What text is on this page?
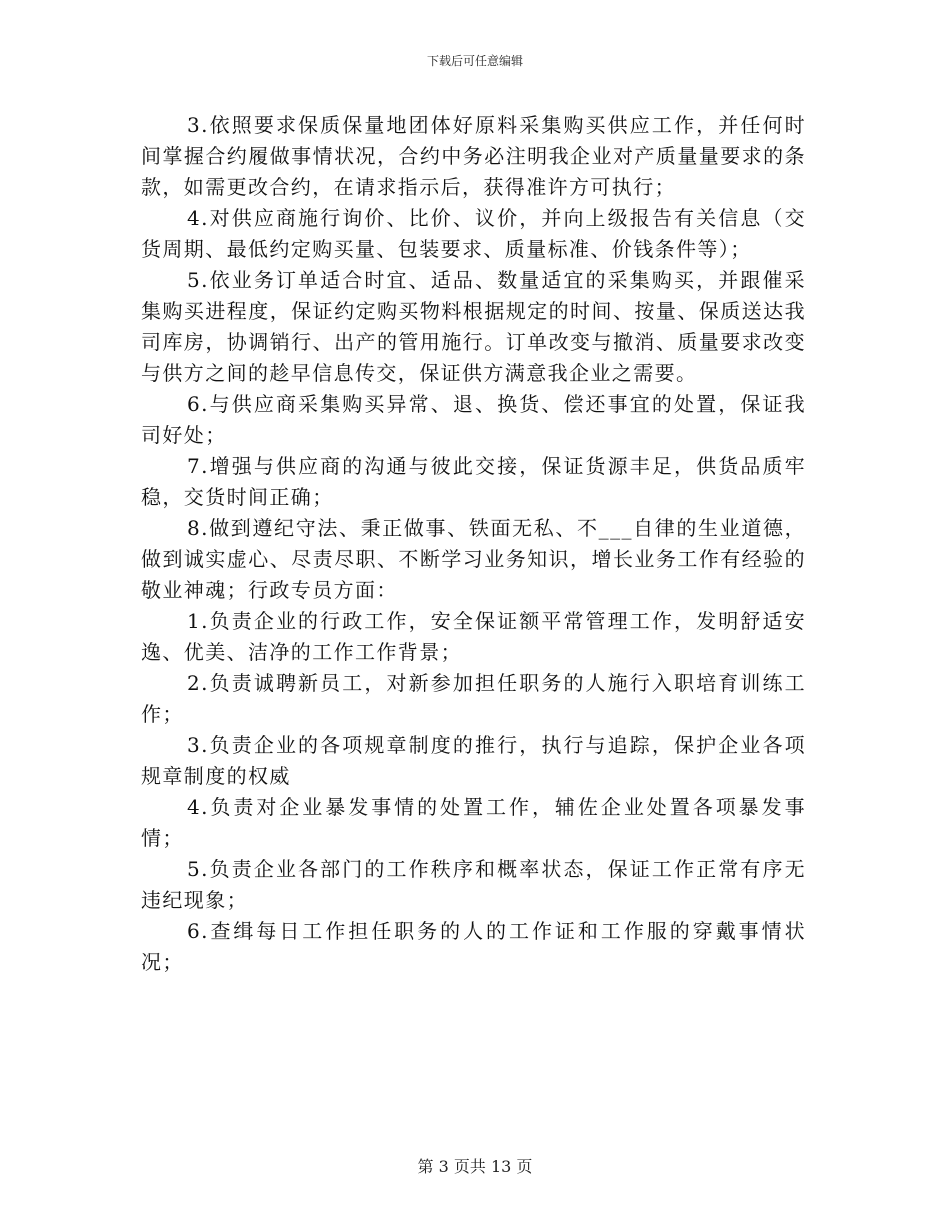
下载后可任意编辑

3.依照要求保质保量地团体好原料采集购买供应工作，并任何时间掌握合约履做事情状况，合约中务必注明我企业对产质量量要求的条款，如需更改合约，在请求指示后，获得准许方可执行；

4.对供应商施行询价、比价、议价，并向上级报告有关信息（交货周期、最低约定购买量、包装要求、质量标准、价钱条件等）；

5.依业务订单适合时宜、适品、数量适宜的采集购买，并跟催采集购买进程度，保证约定购买物料根据规定的时间、按量、保质送达我司库房，协调销行、出产的管用施行。订单改变与撤消、质量要求改变与供方之间的趁早信息传交，保证供方满意我企业之需要。

6.与供应商采集购买异常、退、换货、偿还事宜的处置，保证我司好处；

7.增强与供应商的沟通与彼此交接，保证货源丰足，供货品质牢稳，交货时间正确；

8.做到遵纪守法、秉正做事、铁面无私、不___自律的生业道德，做到诚实虚心、尽责尽职、不断学习业务知识，增长业务工作有经验的敬业神魂；行政专员方面：

1.负责企业的行政工作，安全保证额平常管理工作，发明舒适安逸、优美、洁净的工作工作背景；

2.负责诚聘新员工，对新参加担任职务的人施行入职培育训练工作；

3.负责企业的各项规章制度的推行，执行与追踪，保护企业各项规章制度的权威

4.负责对企业暴发事情的处置工作，辅佐企业处置各项暴发事情；

5.负责企业各部门的工作秩序和概率状态，保证工作正常有序无违纪现象；

6.查缉每日工作担任职务的人的工作证和工作服的穿戴事情状况；

第 3 页共 13 页
